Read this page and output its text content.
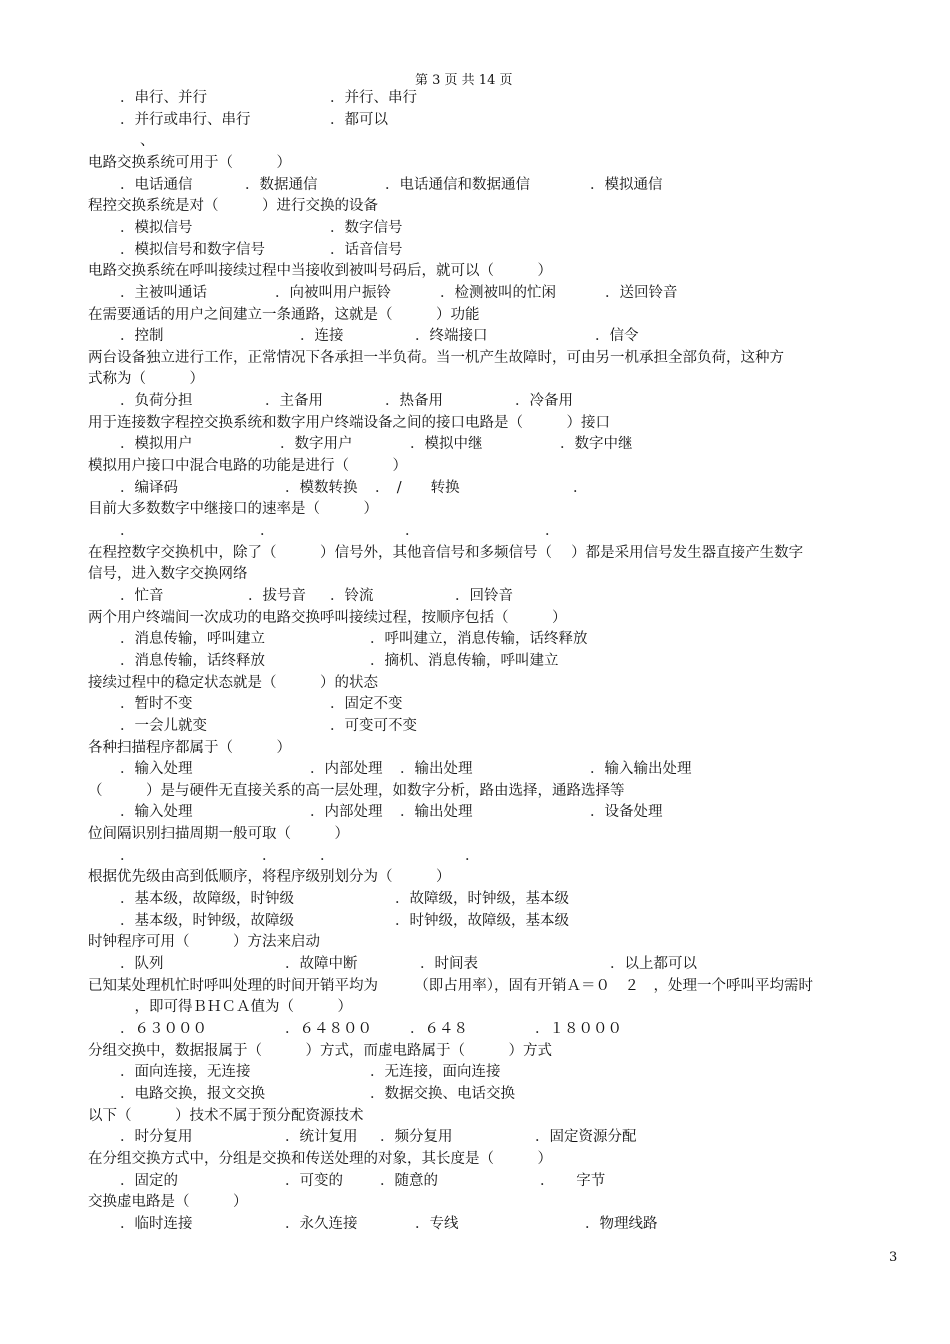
第 3 页 共 14 页
．串行、并行	．并行、串行
．并行或串行、串行	．都可以
、
电路交换系统可用于（　　　）
．电话通信	．数据通信	．电话通信和数据通信	．模拟通信
程控交换系统是对（　　　）进行交换的设备
．模拟信号	．数字信号
．模拟信号和数字信号	．话音信号
电路交换系统在呼叫接续过程中当接收到被叫号码后，就可以（　　　）
．主被叫通话	．向被叫用户振铃	．检测被叫的忙闲	．送回铃音
在需要通话的用户之间建立一条通路，这就是（　　　）功能
．控制	．连接	．终端接口	．信令
两台设备独立进行工作，正常情况下各承担一半负荷。当一机产生故障时，可由另一机承担全部负荷，这种方
式称为（　　　）
．负荷分担	．主备用	．热备用	．冷备用
用于连接数字程控交换系统和数字用户终端设备之间的接口电路是（　　　）接口
．模拟用户	．数字用户	．模拟中继	．数字中继
模拟用户接口中混合电路的功能是进行（　　　）
．编译码	．模数转换 ．　/　　转换	．
目前大多数数字中继接口的速率是（　　　）
．	．	．	．
在程控数字交换机中，除了（　　　）信号外，其他音信号和多频信号（　 ）都是采用信号发生器直接产生数字
信号，进入数字交换网络
．忙音	．拔号音 ．铃流	．回铃音
两个用户终端间一次成功的电路交换呼叫接续过程，按顺序包括（　　　）
．消息传输，呼叫建立	．呼叫建立，消息传输，话终释放
．消息传输，话终释放	．摘机、消息传输，呼叫建立
接续过程中的稳定状态就是（　　　）的状态
．暂时不变	．固定不变
．一会儿就变	．可变可不变
各种扫描程序都属于（　　　）
．输入处理	．内部处理 ．输出处理	．输入输出处理
（　　　）是与硬件无直接关系的高一层处理，如数字分析，路由选择，通路选择等
．输入处理	．内部处理 ．输出处理	．设备处理
位间隔识别扫描周期一般可取（　　　）
．	．	．	．
根据优先级由高到低顺序，将程序级别划分为（　　　）
．基本级，故障级，时钟级	．故障级，时钟级，基本级
．基本级，时钟级，故障级	．时钟级，故障级，基本级
时钟程序可用（　　　）方法来启动
．队列	．故障中断	．时间表	．以上都可以
已知某处理机忙时呼叫处理的时间开销平均为　　　（即占用率），固有开销Ａ＝０　２　，处理一个呼叫平均需时
　，即可得ＢＨＣＡ值为（　　　）
．６３０００	．６４８００	．６４８	．１８０００
分组交换中，数据报属于（　　　）方式，而虚电路属于（　　　）方式
．面向连接，无连接	．无连接，面向连接
．电路交换，报文交换	．数据交换、电话交换
以下（　　　）技术不属于预分配资源技术
．时分复用	．统计复用 ．频分复用	．固定资源分配
在分组交换方式中，分组是交换和传送处理的对象，其长度是（　　　）
．固定的	．可变的	．随意的	．　　字节
交换虚电路是（　　　）
．临时连接	．永久连接	．专线	．物理线路
3
